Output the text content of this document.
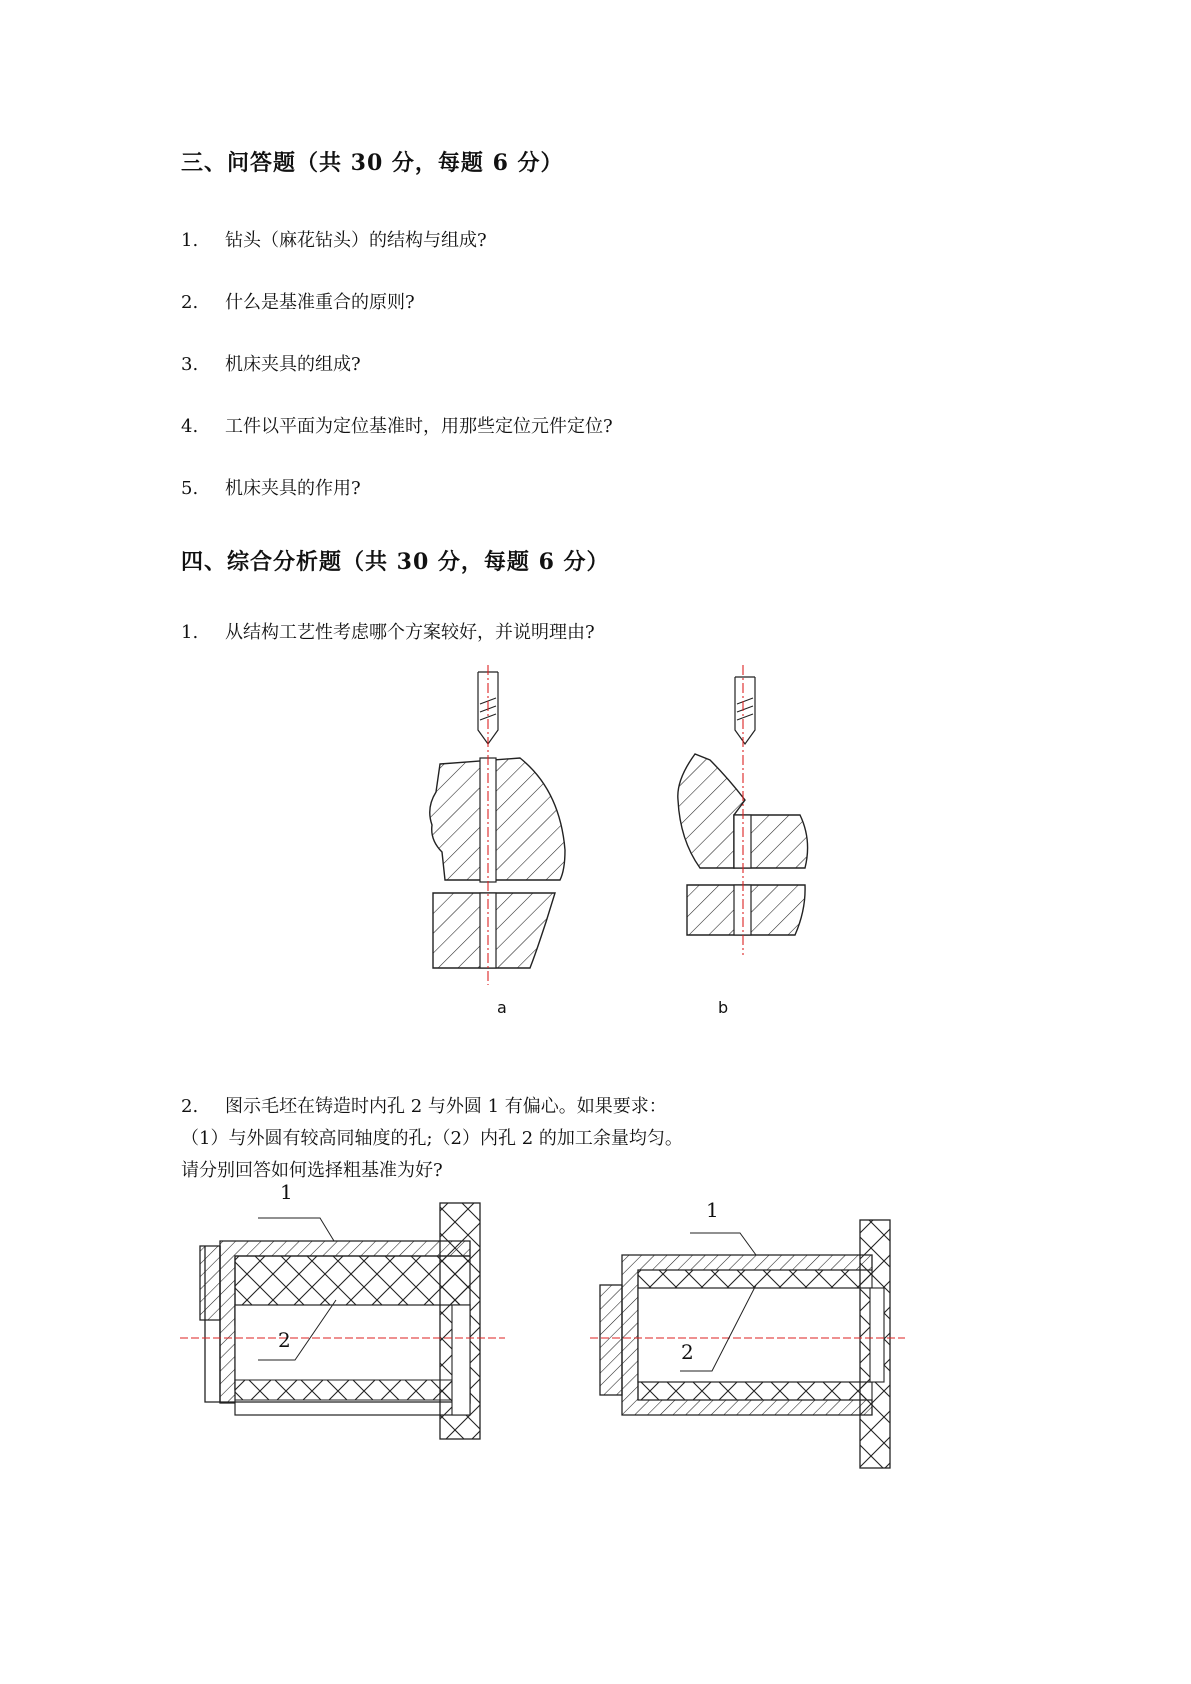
三、问答题（共 30 分，每题 6 分）
1. 钻头（麻花钻头）的结构与组成?
2. 什么是基准重合的原则?
3. 机床夹具的组成?
4. 工件以平面为定位基准时，用那些定位元件定位?
5. 机床夹具的作用?
四、综合分析题（共 30 分，每题 6 分）
1. 从结构工艺性考虑哪个方案较好，并说明理由?
a	b
2. 图示毛坯在铸造时内孔 2 与外圆 1 有偏心。如果要求：
（1）与外圆有较高同轴度的孔;（2）内孔 2 的加工余量均匀。
请分别回答如何选择粗基准为好?
1
2
1
2
